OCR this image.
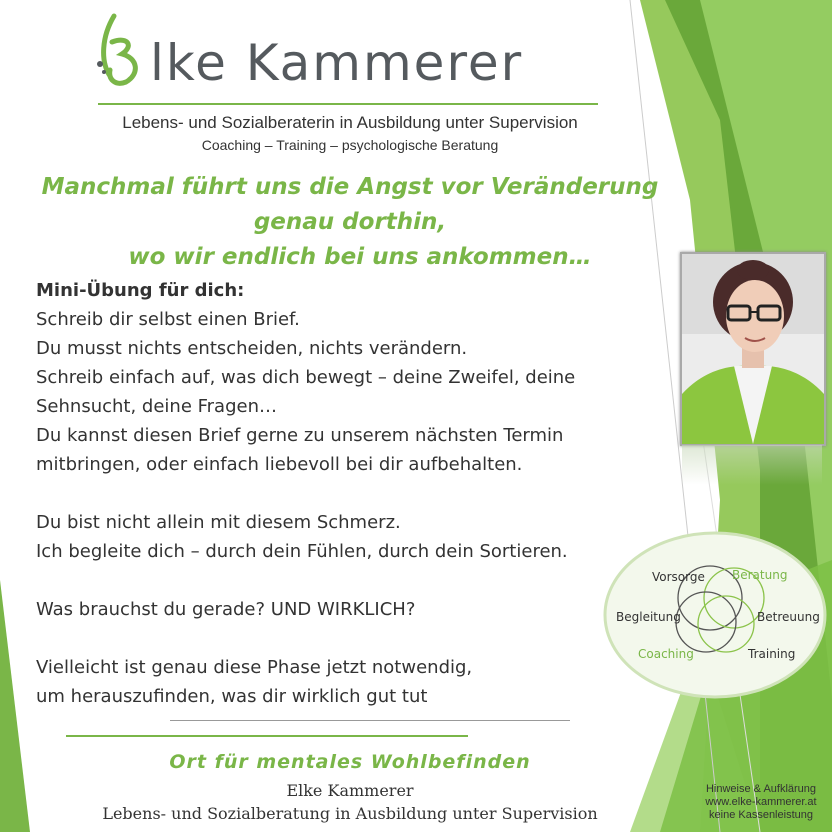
lke Kammerer
Lebens- und Sozialberaterin in Ausbildung unter Supervision
Coaching – Training – psychologische Beratung
Manchmal führt uns die Angst vor Veränderung
genau dorthin,
wo wir endlich bei uns ankommen…

Mini-Übung für dich:

Schreib dir selbst einen Brief.

Du musst nichts entscheiden, nichts verändern.

Schreib einfach auf, was dich bewegt – deine Zweifel, deine

Sehnsucht, deine Fragen…

Du kannst diesen Brief gerne zu unserem nächsten Termin

mitbringen, oder einfach liebevoll bei dir aufbehalten.

Du bist nicht allein mit diesem Schmerz.

Ich begleite dich – durch dein Fühlen, durch dein Sortieren.

Was brauchst du gerade? UND WIRKLICH?

Vielleicht ist genau diese Phase jetzt notwendig,

um herauszufinden, was dir wirklich gut tut

Vorsorge Beratung
Begleitung	Betreuung
Coaching	Training
Ort für mentales Wohlbefinden
Elke Kammerer
Lebens- und Sozialberatung in Ausbildung unter Supervision
Hinweise & Aufklärung
www.elke-kammerer.at
keine Kassenleistung
